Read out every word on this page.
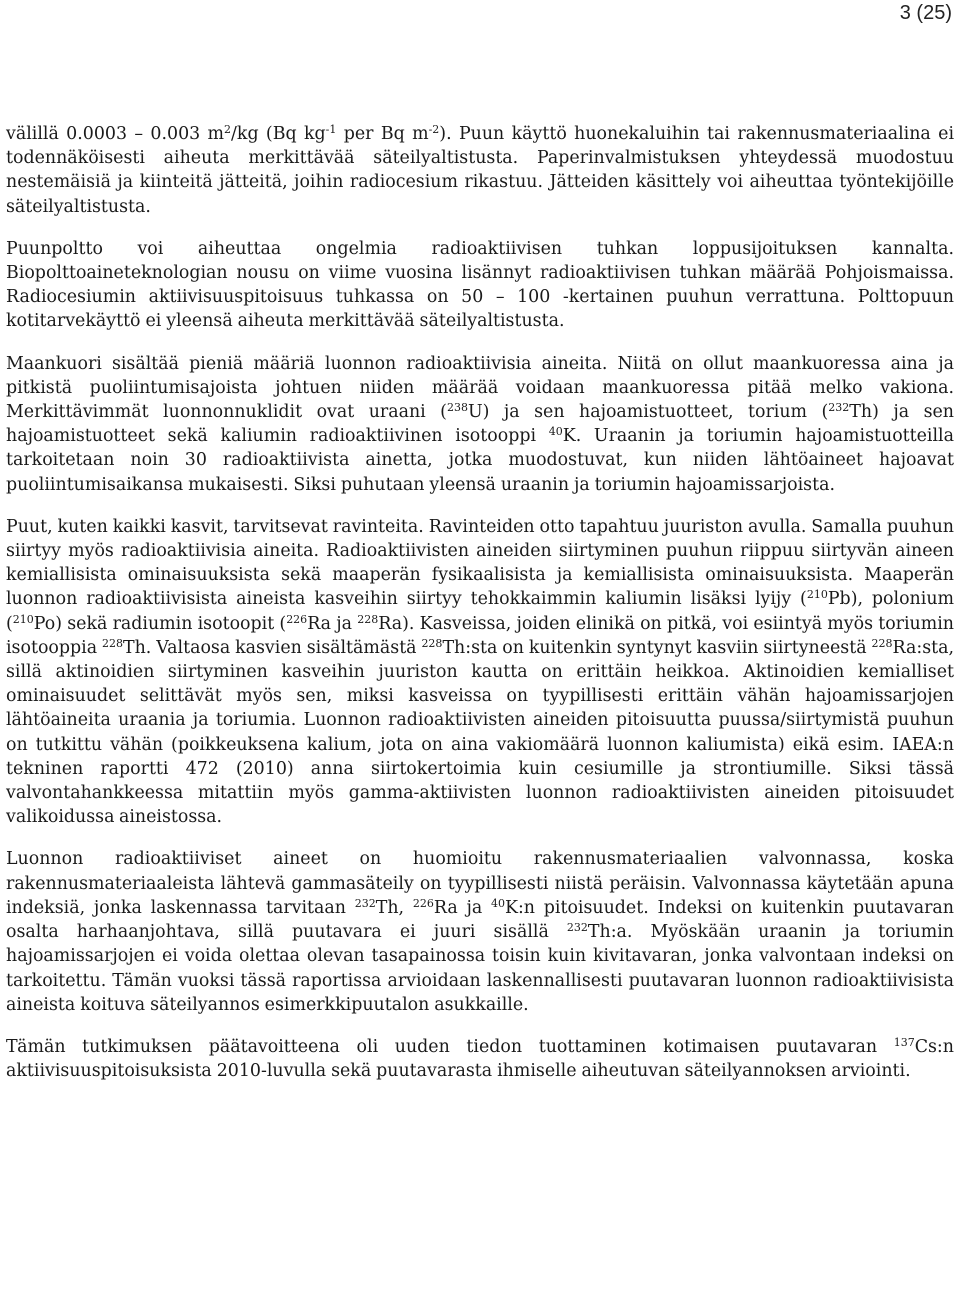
3 (25)

välillä 0.0003 – 0.003 $m^2/kg$ (Bq $kg^{-1}$ per Bq $m^{-2}$). Puun käyttö huonekaluihin tai rakennusmateriaalina ei todennäköisesti aiheuta merkittävää säteilyaltistusta. Paperinvalmistuksen yhteydessä muodostuu nestemäisiä ja kiinteitä jätteitä, joihin radiocesium rikastuu. Jätteiden käsittely voi aiheuttaa työntekijöille säteilyaltistusta.

Puunpoltto voi aiheuttaa ongelmia radioaktiivisen tuhkan loppusijoituksen kannalta. Biopolttoaineteknologian nousu on viime vuosina lisännyt radioaktiivisen tuhkan määrää Pohjoismaissa. Radiocesiumin aktiivisuuspitoisuus tuhkassa on 50 – 100 -kertainen puuhun verrattuna. Polttopuun kotitarvekäyttö ei yleensä aiheuta merkittävää säteilyaltistusta.

Maankuori sisältää pieniä määriä luonnon radioaktiivisia aineita. Niitä on ollut maankuoressa aina ja pitkistä puoliintumisajoista johtuen niiden määrää voidaan maankuoressa pitää melko vakiona. Merkittävimmät luonnonnuklidit ovat uraani ($^{238}$U) ja sen hajoamistuotteet, torium ($^{232}$Th) ja sen hajoamistuotteet sekä kaliumin radioaktiivinen isotooppi $^{40}$K. Uraanin ja toriumin hajoamistuotteilla tarkoitetaan noin 30 radioaktiivista ainetta, jotka muodostuvat, kun niiden lähtöaineet hajoavat puoliintumisaikansa mukaisesti. Siksi puhutaan yleensä uraanin ja toriumin hajoamissarjoista.

Puut, kuten kaikki kasvit, tarvitsevat ravinteita. Ravinteiden otto tapahtuu juuriston avulla. Samalla puuhun siirtyy myös radioaktiivisia aineita. Radioaktiivisten aineiden siirtyminen puuhun riippuu siirtyvän aineen kemiallisista ominaisuuksista sekä maaperän fysikaalisista ja kemiallisista ominaisuuksista. Maaperän luonnon radioaktiivisista aineista kasveihin siirtyy tehokkaimmin kaliumin lisäksi lyijy ($^{210}$Pb), polonium ($^{210}$Po) sekä radiumin isotoopit ($^{226}$Ra ja $^{228}$Ra). Kasveissa, joiden elinikä on pitkä, voi esiintyä myös toriumin isotooppia $^{228}$Th. Valtaosa kasvien sisältämästä $^{228}$Th:sta on kuitenkin syntynyt kasviin siirtyneestä $^{228}$Ra:sta, sillä aktinoidien siirtyminen kasveihin juuriston kautta on erittäin heikkoa. Aktinoidien kemialliset ominaisuudet selittävät myös sen, miksi kasveissa on tyypillisesti erittäin vähän hajoamissarjojen lähtöaineita uraania ja toriumia. Luonnon radioaktiivisten aineiden pitoisuutta puussa/siirtymistä puuhun on tutkittu vähän (poikkeuksena kalium, jota on aina vakiomäärä luonnon kaliumista) eikä esim. IAEA:n tekninen raportti 472 (2010) anna siirtokertoimia kuin cesiumille ja strontiumille. Siksi tässä valvontahankkeessa mitattiin myös gamma-aktiivisten luonnon radioaktiivisten aineiden pitoisuudet valikoidussa aineistossa.

Luonnon radioaktiiviset aineet on huomioitu rakennusmateriaalien valvonnassa, koska rakennusmateriaaleista lähtevä gammasäteily on tyypillisesti niistä peräisin. Valvonnassa käytetään apuna indeksiä, jonka laskennassa tarvitaan $^{232}$Th, $^{226}$Ra ja $^{40}$K:n pitoisuudet. Indeksi on kuitenkin puutavaran osalta harhaanjohtava, sillä puutavara ei juuri sisällä $^{232}$Th:a. Myöskään uraanin ja toriumin hajoamissarjojen ei voida olettaa olevan tasapainossa toisin kuin kivitavaran, jonka valvontaan indeksi on tarkoitettu. Tämän vuoksi tässä raportissa arvioidaan laskennallisesti puutavaran luonnon radioaktiivisista aineista koituva säteilyannos esimerkkipuutalon asukkaille.

Tämän tutkimuksen päätavoitteena oli uuden tiedon tuottaminen kotimaisen puutavaran $^{137}$Cs:n aktiivisuuspitoisuksista 2010-luvulla sekä puutavarasta ihmiselle aiheutuvan säteilyannoksen arviointi.
